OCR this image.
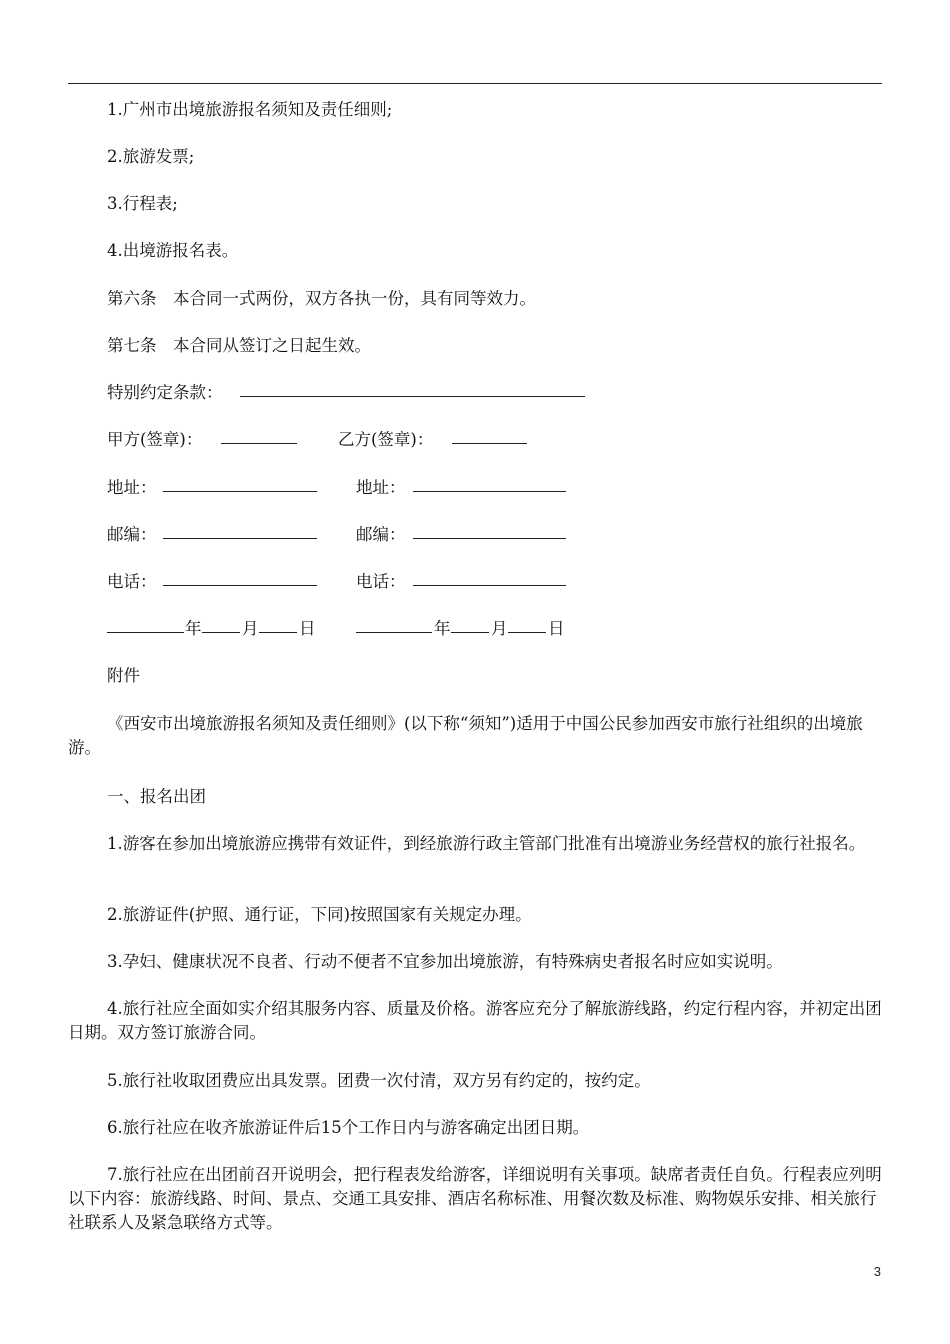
1.广州市出境旅游报名须知及责任细则;
2.旅游发票;
3.行程表;
4.出境游报名表。
第六条　本合同一式两份，双方各执一份，具有同等效力。
第七条　本合同从签订之日起生效。
特别约定条款：
甲方(签章)：	乙方(签章)：
地址：	地址：
邮编：	邮编：
电话：	电话：
年 月 日	年 月 日
附件
《西安市出境旅游报名须知及责任细则》(以下称“须知”)适用于中国公民参加西安市旅行社组织的出境旅游。
一、报名出团
1.游客在参加出境旅游应携带有效证件，到经旅游行政主管部门批准有出境游业务经营权的旅行社报名。
2.旅游证件(护照、通行证，下同)按照国家有关规定办理。
3.孕妇、健康状况不良者、行动不便者不宜参加出境旅游，有特殊病史者报名时应如实说明。
4.旅行社应全面如实介绍其服务内容、质量及价格。游客应充分了解旅游线路，约定行程内容，并初定出团日期。双方签订旅游合同。
5.旅行社收取团费应出具发票。团费一次付清，双方另有约定的，按约定。
6.旅行社应在收齐旅游证件后15个工作日内与游客确定出团日期。
7.旅行社应在出团前召开说明会，把行程表发给游客，详细说明有关事项。缺席者责任自负。行程表应列明以下内容：旅游线路、时间、景点、交通工具安排、酒店名称标准、用餐次数及标准、购物娱乐安排、相关旅行社联系人及紧急联络方式等。
3
